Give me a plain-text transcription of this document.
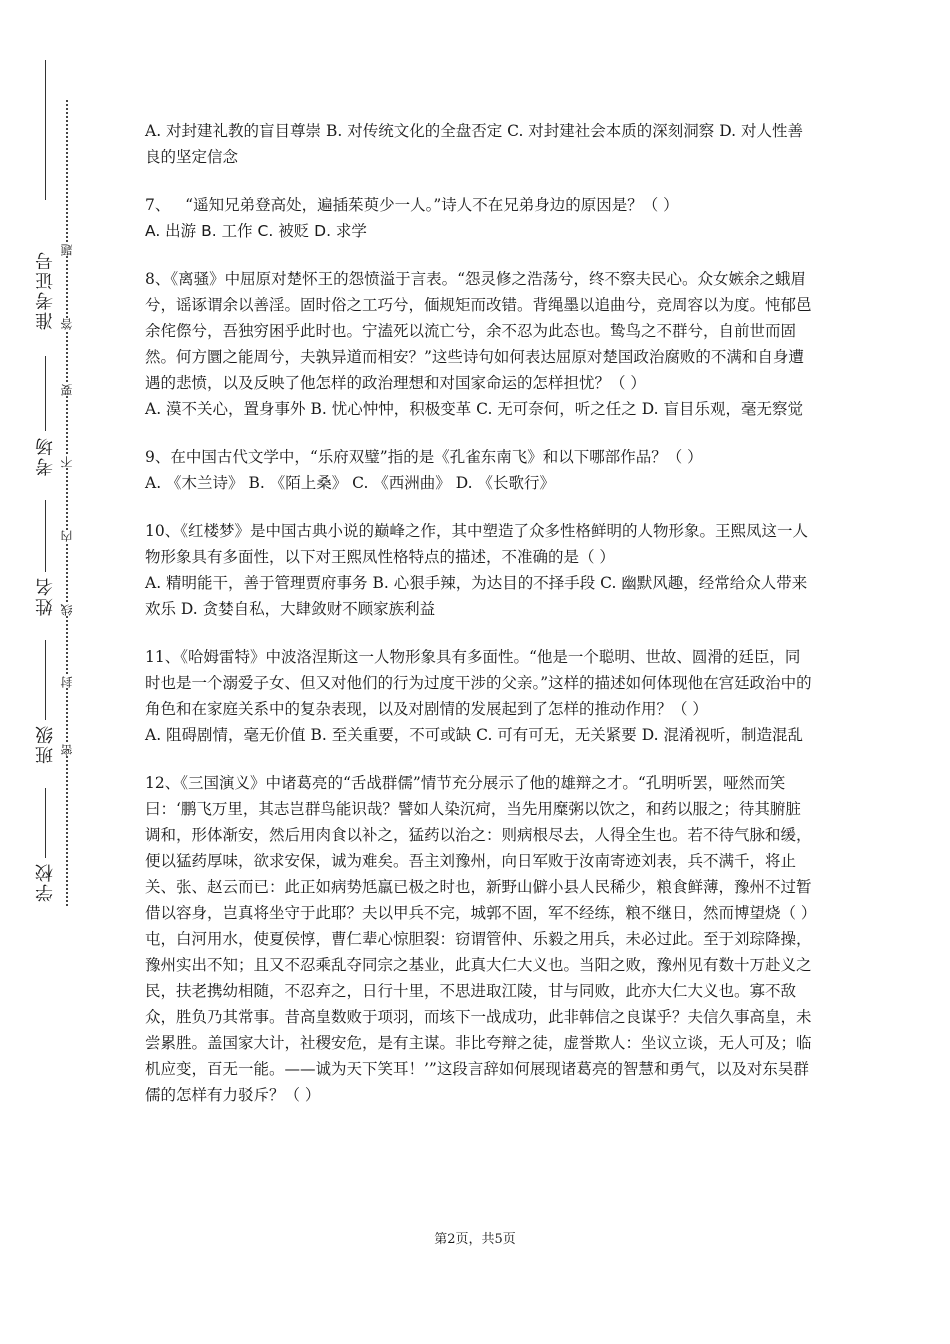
准考证号
考场
姓名
班级
学校
题
答
要
不
内
线
封
密

A. 对封建礼教的盲目尊崇 B. 对传统文化的全盘否定 C. 对封建社会本质的深刻洞察 D. 对人性善良的坚定信念

7、 “遥知兄弟登高处，遍插茱萸少一人。”诗人不在兄弟身边的原因是？（ ）

A. 出游 B. 工作 C. 被贬 D. 求学

8、《离骚》中屈原对楚怀王的怨愤溢于言表。“怨灵修之浩荡兮，终不察夫民心。众女嫉余之蛾眉兮，谣诼谓余以善淫。固时俗之工巧兮，偭规矩而改错。背绳墨以追曲兮，竞周容以为度。忳郁邑余侘傺兮，吾独穷困乎此时也。宁溘死以流亡兮，余不忍为此态也。鸷鸟之不群兮，自前世而固然。何方圜之能周兮，夫孰异道而相安？”这些诗句如何表达屈原对楚国政治腐败的不满和自身遭遇的悲愤，以及反映了他怎样的政治理想和对国家命运的怎样担忧？（ ）

A. 漠不关心，置身事外 B. 忧心忡忡，积极变革 C. 无可奈何，听之任之 D. 盲目乐观，毫无察觉

9、在中国古代文学中，“乐府双璧”指的是《孔雀东南飞》和以下哪部作品？（ ）

A. 《木兰诗》 B. 《陌上桑》 C. 《西洲曲》 D. 《长歌行》

10、《红楼梦》是中国古典小说的巅峰之作，其中塑造了众多性格鲜明的人物形象。王熙凤这一人物形象具有多面性，以下对王熙凤性格特点的描述，不准确的是（ ）

A. 精明能干，善于管理贾府事务 B. 心狠手辣，为达目的不择手段 C. 幽默风趣，经常给众人带来欢乐 D. 贪婪自私，大肆敛财不顾家族利益

11、《哈姆雷特》中波洛涅斯这一人物形象具有多面性。“他是一个聪明、世故、圆滑的廷臣，同时也是一个溺爱子女、但又对他们的行为过度干涉的父亲。”这样的描述如何体现他在宫廷政治中的角色和在家庭关系中的复杂表现，以及对剧情的发展起到了怎样的推动作用？（ ）

A. 阻碍剧情，毫无价值 B. 至关重要，不可或缺 C. 可有可无，无关紧要 D. 混淆视听，制造混乱

12、《三国演义》中诸葛亮的“舌战群儒”情节充分展示了他的雄辩之才。“孔明听罢，哑然而笑曰：‘鹏飞万里，其志岂群鸟能识哉？譬如人染沉疴，当先用糜粥以饮之，和药以服之；待其腑脏调和，形体渐安，然后用肉食以补之，猛药以治之：则病根尽去，人得全生也。若不待气脉和缓，便以猛药厚味，欲求安保，诚为难矣。吾主刘豫州，向日军败于汝南寄迹刘表，兵不满千，将止关、张、赵云而已：此正如病势尪羸已极之时也，新野山僻小县人民稀少，粮食鲜薄，豫州不过暂借以容身，岂真将坐守于此耶？夫以甲兵不完，城郭不固，军不经练，粮不继日，然而博望烧（ ）屯，白河用水，使夏侯惇，曹仁辈心惊胆裂：窃谓管仲、乐毅之用兵，未必过此。至于刘琮降操，豫州实出不知；且又不忍乘乱夺同宗之基业，此真大仁大义也。当阳之败，豫州见有数十万赴义之民，扶老携幼相随，不忍弃之，日行十里，不思进取江陵，甘与同败，此亦大仁大义也。寡不敌众，胜负乃其常事。昔高皇数败于项羽，而垓下一战成功，此非韩信之良谋乎？夫信久事高皇，未尝累胜。盖国家大计，社稷安危，是有主谋。非比夸辩之徒，虚誉欺人：坐议立谈，无人可及；临机应变，百无一能。——诚为天下笑耳！’”这段言辞如何展现诸葛亮的智慧和勇气，以及对东吴群儒的怎样有力驳斥？（ ）

第2页，共5页
